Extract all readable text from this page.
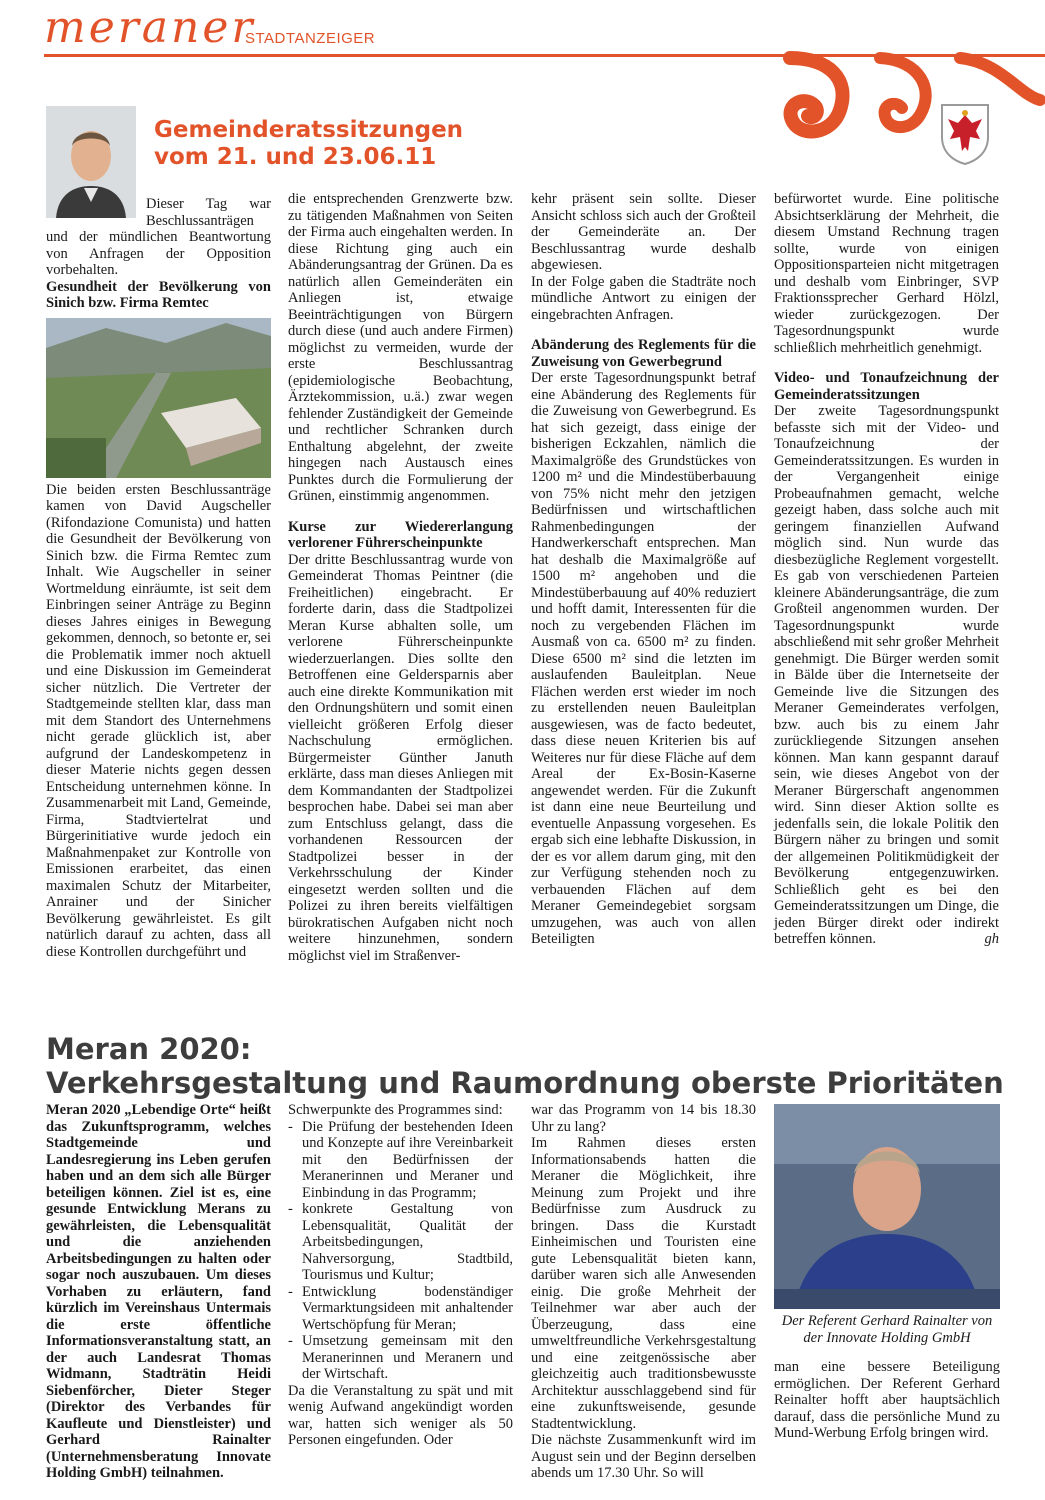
meraner
STADTANZEIGER
Gemeinderatssitzungen
vom 21. und 23.06.11

Dieser Tag war Beschlussanträgen und der mündlichen Beantwortung von Anfragen der Opposition vorbehalten.

Gesundheit der Bevölkerung von Sinich bzw. Firma Remtec

Die beiden ersten Beschlussanträge kamen von David Augscheller (Rifondazione Comunista) und hatten die Gesundheit der Bevölkerung von Sinich bzw. die Firma Remtec zum Inhalt. Wie Augscheller in seiner Wortmeldung einräumte, ist seit dem Einbringen seiner Anträge zu Beginn dieses Jahres einiges in Bewegung gekommen, dennoch, so betonte er, sei die Problematik immer noch aktuell und eine Diskussion im Gemeinderat sicher nützlich. Die Vertreter der Stadtgemeinde stellten klar, dass man mit dem Standort des Unternehmens nicht gerade glücklich ist, aber aufgrund der Landeskompetenz in dieser Materie nichts gegen dessen Entscheidung unternehmen könne. In Zusammenarbeit mit Land, Gemeinde, Firma, Stadtviertelrat und Bürgerinitiative wurde jedoch ein Maßnahmenpaket zur Kontrolle von Emissionen erarbeitet, das einen maximalen Schutz der Mitarbeiter, Anrainer und der Sinicher Bevölkerung gewährleistet. Es gilt natürlich darauf zu achten, dass all diese Kontrollen durchgeführt und

die entsprechenden Grenzwerte bzw. zu tätigenden Maßnahmen von Seiten der Firma auch eingehalten werden. In diese Richtung ging auch ein Abänderungsantrag der Grünen. Da es natürlich allen Gemeinderäten ein Anliegen ist, etwaige Beeinträchtigungen von Bürgern durch diese (und auch andere Firmen) möglichst zu vermeiden, wurde der erste Beschlussantrag (epidemiologische Beobachtung, Ärztekommission, u.ä.) zwar wegen fehlender Zuständigkeit der Gemeinde und rechtlicher Schranken durch Enthaltung abgelehnt, der zweite hingegen nach Austausch eines Punktes durch die Formulierung der Grünen, einstimmig angenommen.

Kurse zur Wiedererlangung verlorener Führerscheinpunkte

Der dritte Beschlussantrag wurde von Gemeinderat Thomas Peintner (die Freiheitlichen) eingebracht. Er forderte darin, dass die Stadtpolizei Meran Kurse abhalten solle, um verlorene Führerscheinpunkte wiederzuerlangen. Dies sollte den Betroffenen eine Geldersparnis aber auch eine direkte Kommunikation mit den Ordnungshütern und somit einen vielleicht größeren Erfolg dieser Nachschulung ermöglichen. Bürgermeister Günther Januth erklärte, dass man dieses Anliegen mit dem Kommandanten der Stadtpolizei besprochen habe. Dabei sei man aber zum Entschluss gelangt, dass die vorhandenen Ressourcen der Stadtpolizei besser in der Verkehrsschulung der Kinder eingesetzt werden sollten und die Polizei zu ihren bereits vielfältigen bürokratischen Aufgaben nicht noch weitere hinzunehmen, sondern möglichst viel im Straßenver-

kehr präsent sein sollte. Dieser Ansicht schloss sich auch der Großteil der Gemeinderäte an. Der Beschlussantrag wurde deshalb abgewiesen.

In der Folge gaben die Stadträte noch mündliche Antwort zu einigen der eingebrachten Anfragen.

Abänderung des Reglements für die Zuweisung von Gewerbegrund

Der erste Tagesordnungspunkt betraf eine Abänderung des Reglements für die Zuweisung von Gewerbegrund. Es hat sich gezeigt, dass einige der bisherigen Eckzahlen, nämlich die Maximalgröße des Grundstückes von 1200 m² und die Mindestüberbauung von 75% nicht mehr den jetzigen Bedürfnissen und wirtschaftlichen Rahmenbedingungen der Handwerkerschaft entsprechen. Man hat deshalb die Maximalgröße auf 1500 m² angehoben und die Mindestüberbauung auf 40% reduziert und hofft damit, Interessenten für die noch zu vergebenden Flächen im Ausmaß von ca. 6500 m² zu finden. Diese 6500 m² sind die letzten im auslaufenden Bauleitplan. Neue Flächen werden erst wieder im noch zu erstellenden neuen Bauleitplan ausgewiesen, was de facto bedeutet, dass diese neuen Kriterien bis auf Weiteres nur für diese Fläche auf dem Areal der Ex-Bosin-Kaserne angewendet werden. Für die Zukunft ist dann eine neue Beurteilung und eventuelle Anpassung vorgesehen. Es ergab sich eine lebhafte Diskussion, in der es vor allem darum ging, mit den zur Verfügung stehenden noch zu verbauenden Flächen auf dem Meraner Gemeindegebiet sorgsam umzugehen, was auch von allen Beteiligten

befürwortet wurde. Eine politische Absichtserklärung der Mehrheit, die diesem Umstand Rechnung tragen sollte, wurde von einigen Oppositionsparteien nicht mitgetragen und deshalb vom Einbringer, SVP Fraktionssprecher Gerhard Hölzl, wieder zurückgezogen. Der Tagesordnungspunkt wurde schließlich mehrheitlich genehmigt.

Video- und Tonaufzeichnung der Gemeinderatssitzungen

Der zweite Tagesordnungspunkt befasste sich mit der Video- und Tonaufzeichnung der Gemeinderatssitzungen. Es wurden in der Vergangenheit einige Probeaufnahmen gemacht, welche gezeigt haben, dass solche auch mit geringem finanziellen Aufwand möglich sind. Nun wurde das diesbezügliche Reglement vorgestellt. Es gab von verschiedenen Parteien kleinere Abänderungsanträge, die zum Großteil angenommen wurden. Der Tagesordnungspunkt wurde abschließend mit sehr großer Mehrheit genehmigt. Die Bürger werden somit in Bälde über die Internetseite der Gemeinde live die Sitzungen des Meraner Gemeinderates verfolgen, bzw. auch bis zu einem Jahr zurückliegende Sitzungen ansehen können. Man kann gespannt darauf sein, wie dieses Angebot von der Meraner Bürgerschaft angenommen wird. Sinn dieser Aktion sollte es jedenfalls sein, die lokale Politik den Bürgern näher zu bringen und somit der allgemeinen Politikmüdigkeit der Bevölkerung entgegenzuwirken. Schließlich geht es bei den Gemeinderatssitzungen um Dinge, die jeden Bürger direkt oder indirekt betreffen können.	gh

Meran 2020:
Verkehrsgestaltung und Raumordnung oberste Prioritäten

Meran 2020 „Lebendige Orte“ heißt das Zukunftsprogramm, welches Stadtgemeinde und Landesregierung ins Leben gerufen haben und an dem sich alle Bürger beteiligen können. Ziel ist es, eine gesunde Entwicklung Merans zu gewährleisten, die Lebensqualität und die anziehenden Arbeitsbedingungen zu halten oder sogar noch auszubauen. Um dieses Vorhaben zu erläutern, fand kürzlich im Vereinshaus Untermais die erste öffentliche Informationsveranstaltung statt, an der auch Landesrat Thomas Widmann, Stadträtin Heidi Siebenförcher, Dieter Steger (Direktor des Verbandes für Kaufleute und Dienstleister) und Gerhard Rainalter (Unternehmensberatung Innovate Holding GmbH) teilnahmen.

Schwerpunkte des Programmes sind:

- Die Prüfung der bestehenden Ideen und Konzepte auf ihre Vereinbarkeit mit den Bedürfnissen der Meranerinnen und Meraner und Einbindung in das Programm;
- konkrete Gestaltung von Lebensqualität, Qualität der Arbeitsbedingungen, Nahversorgung, Stadtbild, Tourismus und Kultur;
- Entwicklung bodenständiger Vermarktungsideen mit anhaltender Wertschöpfung für Meran;
- Umsetzung gemeinsam mit den Meranerinnen und Meranern und der Wirtschaft.

Da die Veranstaltung zu spät und mit wenig Aufwand angekündigt worden war, hatten sich weniger als 50 Personen eingefunden. Oder

war das Programm von 14 bis 18.30 Uhr zu lang?

Im Rahmen dieses ersten Informationsabends hatten die Meraner die Möglichkeit, ihre Meinung zum Projekt und ihre Bedürfnisse zum Ausdruck zu bringen. Dass die Kurstadt Einheimischen und Touristen eine gute Lebensqualität bieten kann, darüber waren sich alle Anwesenden einig. Die große Mehrheit der Teilnehmer war aber auch der Überzeugung, dass eine umweltfreundliche Verkehrsgestaltung und eine zeitgenössische aber gleichzeitig auch traditionsbewusste Architektur ausschlaggebend sind für eine zukunftsweisende, gesunde Stadtentwicklung.

Die nächste Zusammenkunft wird im August sein und der Beginn derselben abends um 17.30 Uhr. So will

Der Referent Gerhard Rainalter von
der Innovate Holding GmbH

man eine bessere Beteiligung ermöglichen. Der Referent Gerhard Reinalter hofft aber hauptsächlich darauf, dass die persönliche Mund zu Mund-Werbung Erfolg bringen wird.
